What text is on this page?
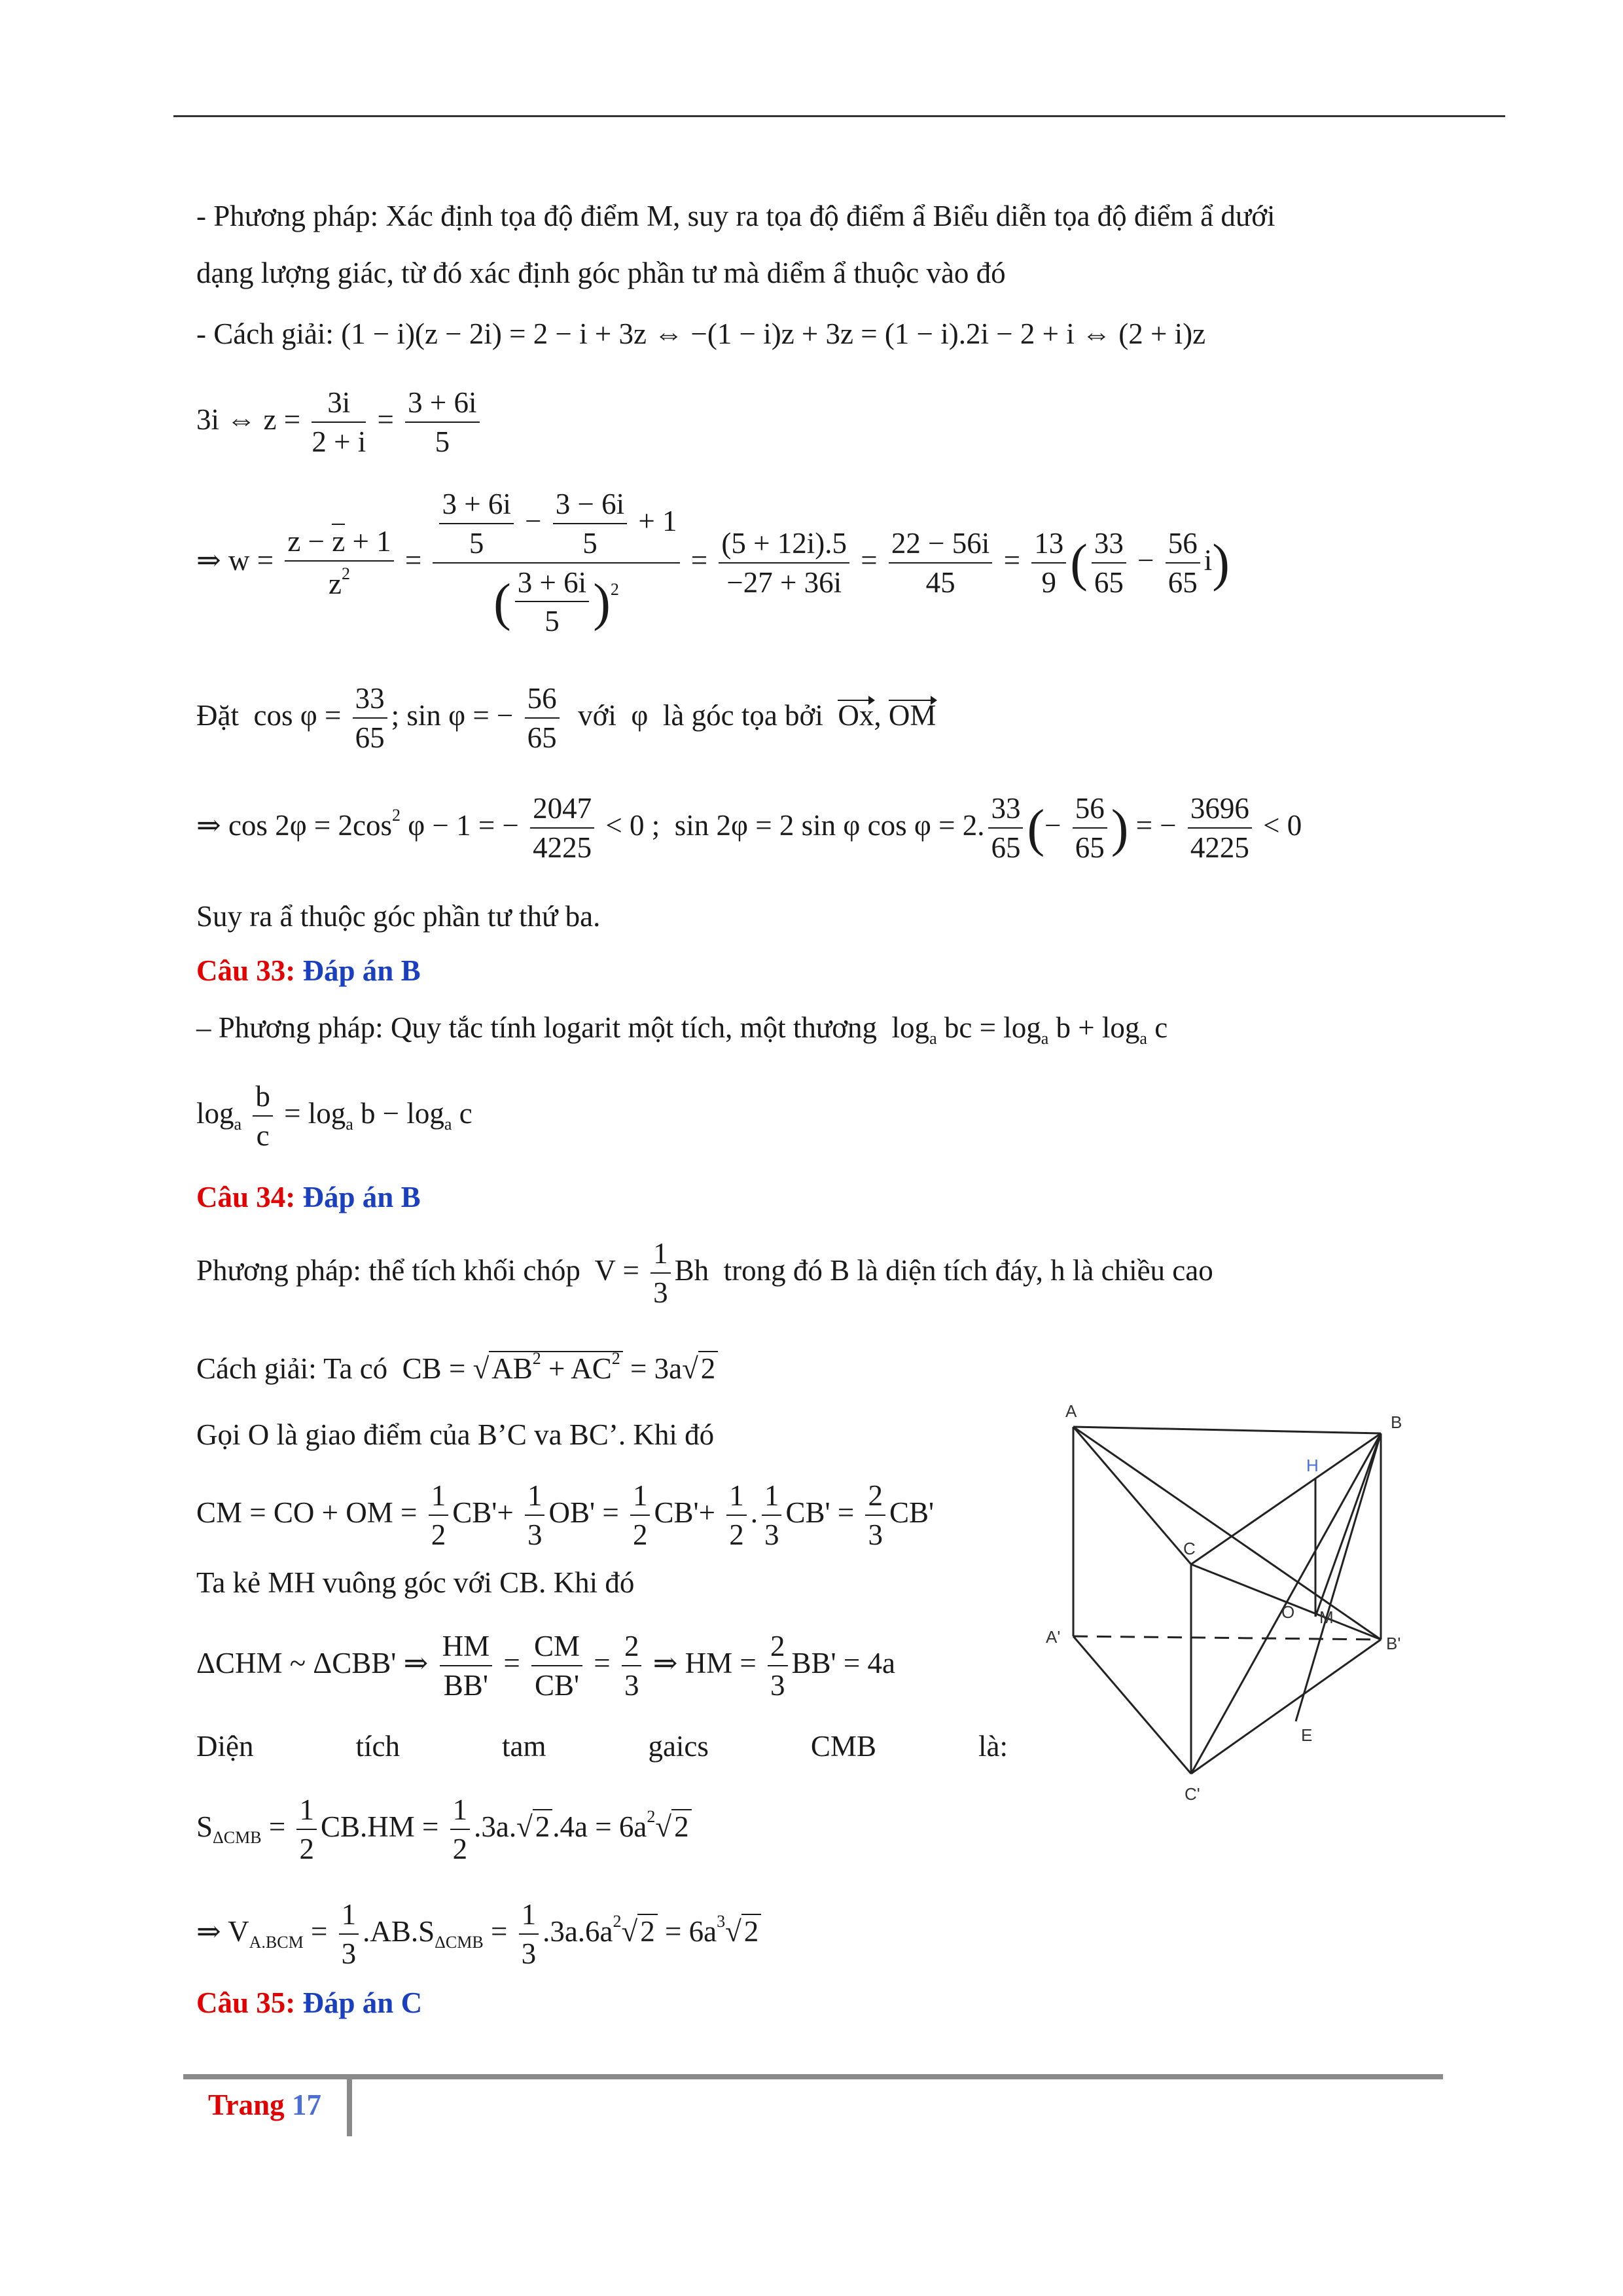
- Phương pháp: Xác định tọa độ điểm M, suy ra tọa độ điểm ẩ Biểu diễn tọa độ điểm ẩ dưới
dạng lượng giác, từ đó xác định góc phần tư mà diểm ẩ thuộc vào đó
- Cách giải: (1 − i)(z − 2i) = 2 − i + 3z ⇔ −(1 − i)z + 3z = (1 − i).2i − 2 + i ⇔ (2 + i)z
3i ⇔ $z = \frac{3i}{2 + i} = \frac{3 + 6i}{5}$
⇒ $w = \frac{z - z + 1}{z^2} = \frac{\frac{3 + 6i}{5} - \frac{3 - 6i}{5} + 1}{( \frac{3 + 6i}{5} )^2} = \frac{(5 + 12i).5}{-27 + 36i} = \frac{22 - 56i}{45} = \frac{13}{9}$ ( $\frac{33}{65} - \frac{56}{65} i$)
Đặt  $\cos \varphi = \frac{33}{65}$ ; sin φ = − $\frac{56}{65}$ với  φ  là góc tọa bởi Ox, OM
⇒ $\cos 2\varphi = 2\cos^2$ φ − 1 = − $\frac{2047}{4225} < 0$ ;  sin 2φ = 2 sin φ cos φ = 2. $\frac{33}{65}$ (− $\frac{56}{65}$ ) = − $\frac{3696}{4225} < 0$
Suy ra ẩ thuộc góc phần tư thứ ba.
Câu 33: Đáp án B
– Phương pháp: Quy tắc tính logarit một tích, một thương  $\log_a$ bc = $\log_a b + \log_a c$
$\log_a \frac{b}{c} = \log_a b - \log_a c$
Câu 34: Đáp án B
Phương pháp: thể tích khối chóp  $V = \frac{1}{3}$ Bh  trong đó B là diện tích đáy, h là chiều cao
Cách giải: Ta có  CB = $√AB^2 + AC^2 = 3a√2$
Gọi O là giao điểm của B’C va BC’. Khi đó
CM = CO + OM = $\frac{1}{2} CB'+ \frac{1}{3} OB' = \frac{1}{2} CB'+ \frac{1}{2}$ . $\frac{1}{3} CB' = \frac{2}{3} CB'$
Ta kẻ MH vuông góc với CB. Khi đó
ΔCHM ~ ΔCBB' ⇒ $\frac{HM}{BB'} = \frac{CM}{CB'} = \frac{2}{3}$ ⇒ HM = $\frac{2}{3} BB' = 4a$
Diện	tích	tam	gaics	CMB	là:
$S_{\Delta CMB} = \frac{1}{2} CB.HM = \frac{1}{2} .3a.√2.4a = 6a^2√2$
⇒ $V_{A.BCM} = \frac{1}{3} .AB.S_{\Delta CMB} = \frac{1}{3} .3a.6a^2√2 = 6a^3√2$
Câu 35: Đáp án C
A
B
C
A'	B'
C'
H
O M
E
Trang 17
